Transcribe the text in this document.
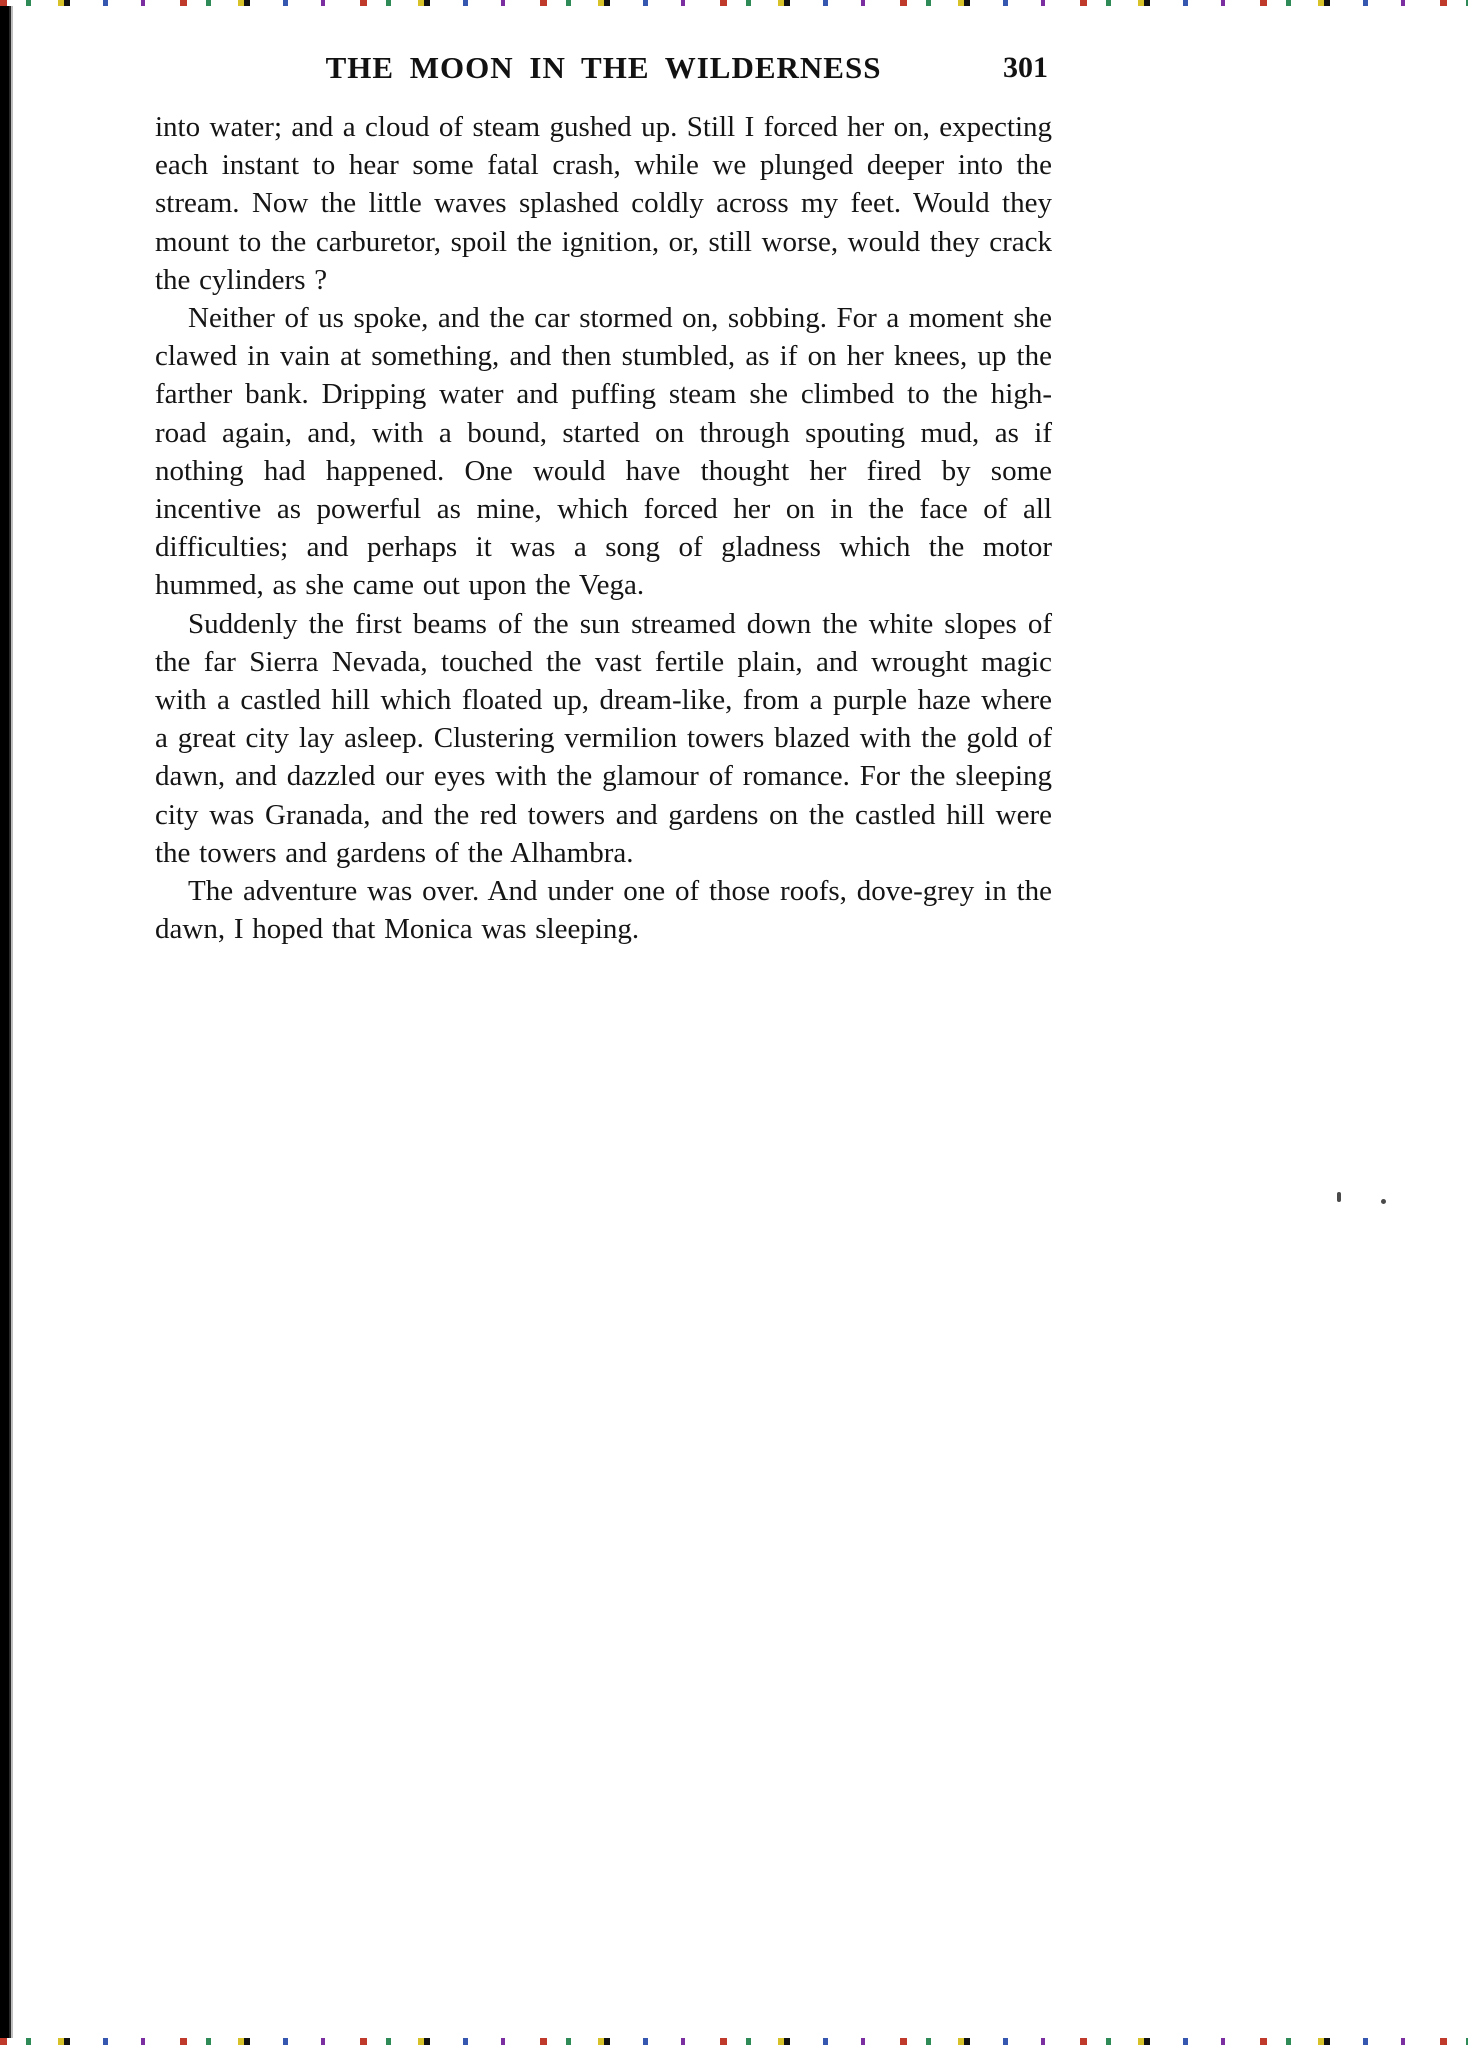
THE MOON IN THE WILDERNESS	301

into water; and a cloud of steam gushed up. Still I forced her on, expecting each instant to hear some fatal crash, while we plunged deeper into the stream. Now the little waves splashed coldly across my feet. Would they mount to the carburetor, spoil the ignition, or, still worse, would they crack the cylinders ?

Neither of us spoke, and the car stormed on, sobbing. For a moment she clawed in vain at something, and then stumbled, as if on her knees, up the farther bank. Dripping water and puffing steam she climbed to the high-road again, and, with a bound, started on through spouting mud, as if nothing had happened. One would have thought her fired by some incentive as powerful as mine, which forced her on in the face of all difficulties; and perhaps it was a song of gladness which the motor hummed, as she came out upon the Vega.

Suddenly the first beams of the sun streamed down the white slopes of the far Sierra Nevada, touched the vast fertile plain, and wrought magic with a castled hill which floated up, dream-like, from a purple haze where a great city lay asleep. Clustering vermilion towers blazed with the gold of dawn, and dazzled our eyes with the glamour of romance. For the sleeping city was Granada, and the red towers and gardens on the castled hill were the towers and gardens of the Alhambra.

The adventure was over. And under one of those roofs, dove-grey in the dawn, I hoped that Monica was sleeping.
